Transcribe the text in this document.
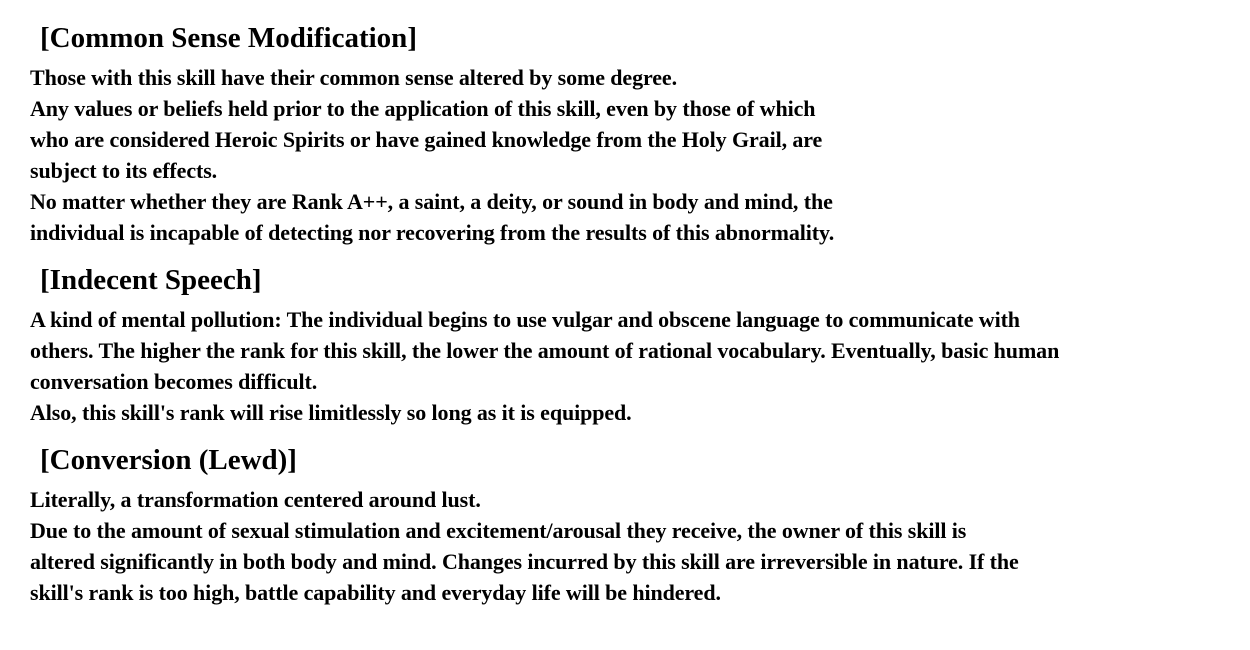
[Common Sense Modification]
Those with this skill have their common sense altered by some degree.
Any values or beliefs held prior to the application of this skill, even by those of which
who are considered Heroic Spirits or have gained knowledge from the Holy Grail, are
subject to its effects.
No matter whether they are Rank A++, a saint, a deity, or sound in body and mind, the
individual is incapable of detecting nor recovering from the results of this abnormality.
[Indecent Speech]
A kind of mental pollution: The individual begins to use vulgar and obscene language to communicate with
others. The higher the rank for this skill, the lower the amount of rational vocabulary. Eventually, basic human
conversation becomes difficult.
Also, this skill's rank will rise limitlessly so long as it is equipped.
[Conversion (Lewd)]
Literally, a transformation centered around lust.
Due to the amount of sexual stimulation and excitement/arousal they receive, the owner of this skill is
altered significantly in both body and mind. Changes incurred by this skill are irreversible in nature. If the
skill's rank is too high, battle capability and everyday life will be hindered.
